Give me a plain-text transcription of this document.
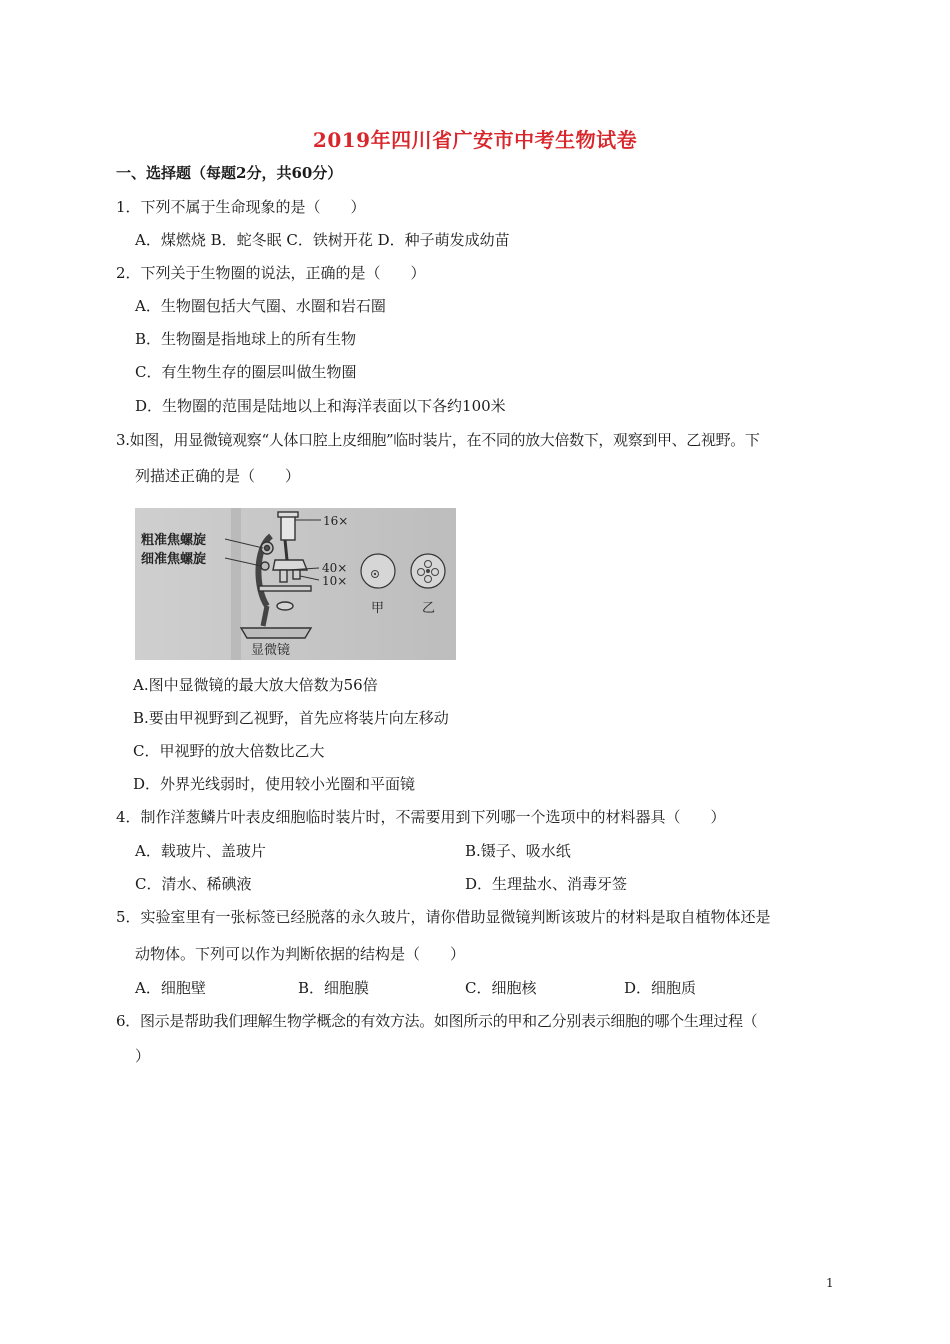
2019年四川省广安市中考生物试卷
一、选择题（每题2分，共60分）
1．下列不属于生命现象的是（　　）
A．煤燃烧 B．蛇冬眠 C．铁树开花 D．种子萌发成幼苗
2．下列关于生物圈的说法，正确的是（　　）
A．生物圈包括大气圈、水圈和岩石圈
B．生物圈是指地球上的所有生物
C．有生物生存的圈层叫做生物圈
D．生物圈的范围是陆地以上和海洋表面以下各约100米
3.如图，用显微镜观察“人体口腔上皮细胞”临时装片，在不同的放大倍数下，观察到甲、乙视野。下
列描述正确的是（　　）
粗准焦螺旋
细准焦螺旋
16×
40×
10×
显微镜
甲	乙
A.图中显微镜的最大放大倍数为56倍
B.要由甲视野到乙视野，首先应将装片向左移动
C．甲视野的放大倍数比乙大
D．外界光线弱时，使用较小光圈和平面镜
4．制作洋葱鳞片叶表皮细胞临时装片时，不需要用到下列哪一个选项中的材料器具（　　）
A．载玻片、盖玻片	B.镊子、吸水纸
C．清水、稀碘液	D．生理盐水、消毒牙签
5．实验室里有一张标签已经脱落的永久玻片，请你借助显微镜判断该玻片的材料是取自植物体还是
动物体。下列可以作为判断依据的结构是（　　）
A．细胞壁	B．细胞膜	C．细胞核	D．细胞质
6．图示是帮助我们理解生物学概念的有效方法。如图所示的甲和乙分别表示细胞的哪个生理过程（
）
1
